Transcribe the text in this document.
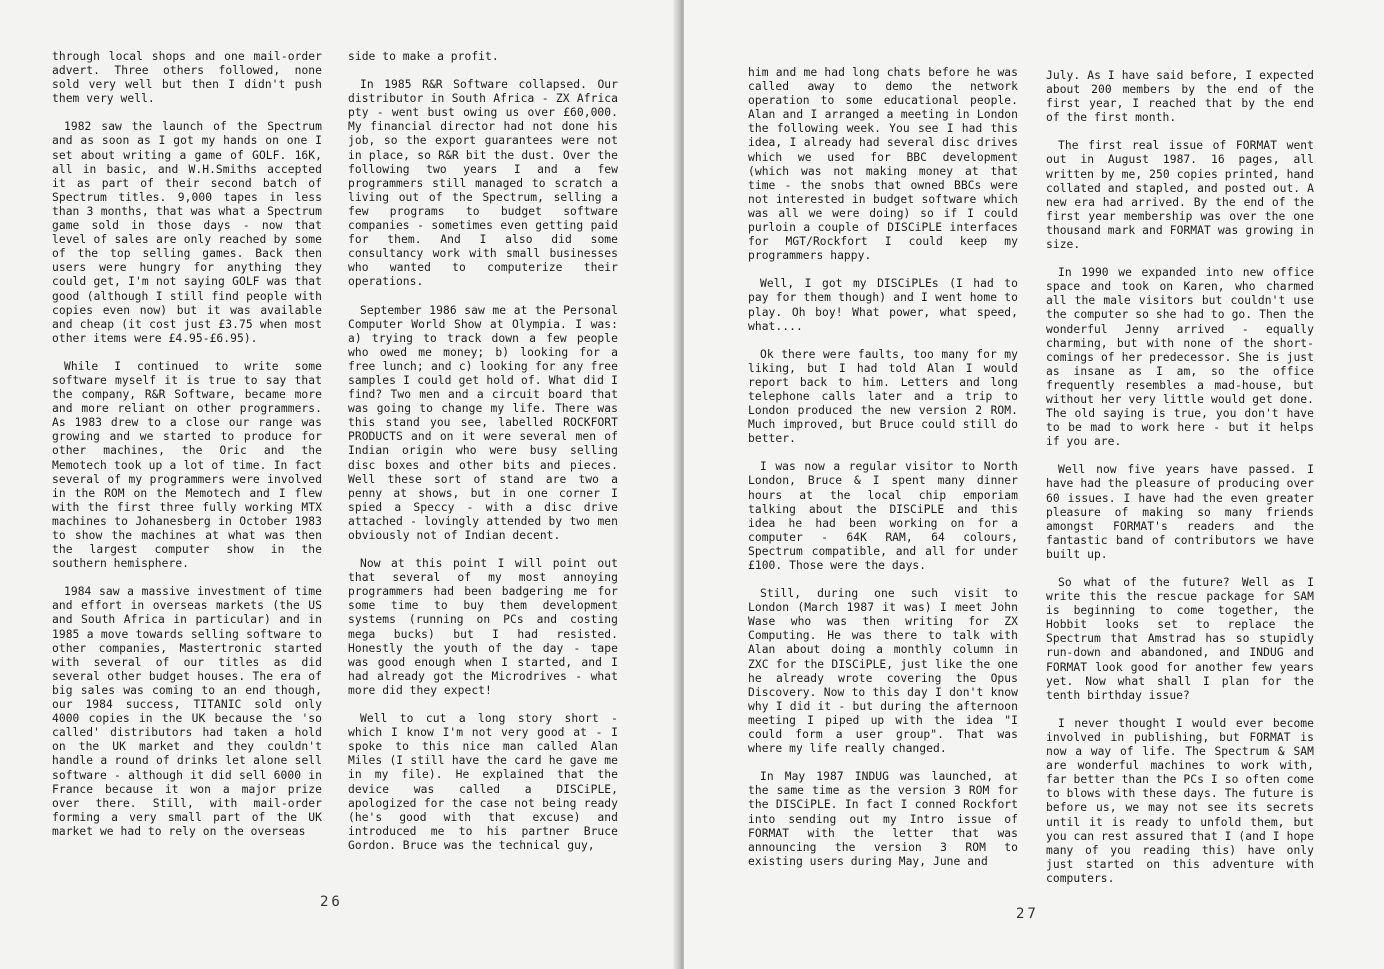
through local shops and one mail-order advert. Three others followed, none sold very well but then I didn't push them very well.

1982 saw the launch of the Spectrum and as soon as I got my hands on one I set about writing a game of GOLF. 16K, all in basic, and W.H.Smiths accepted it as part of their second batch of Spectrum titles. 9,000 tapes in less than 3 months, that was what a Spectrum game sold in those days - now that level of sales are only reached by some of the top selling games. Back then users were hungry for anything they could get, I'm not saying GOLF was that good (although I still find people with copies even now) but it was available and cheap (it cost just £3.75 when most other items were £4.95-£6.95).

While I continued to write some software myself it is true to say that the company, R&R Software, became more and more reliant on other programmers. As 1983 drew to a close our range was growing and we started to produce for other machines, the Oric and the Memotech took up a lot of time. In fact several of my programmers were involved in the ROM on the Memotech and I flew with the first three fully working MTX machines to Johanesberg in October 1983 to show the machines at what was then the largest computer show in the southern hemisphere.

1984 saw a massive investment of time and effort in overseas markets (the US and South Africa in particular) and in 1985 a move towards selling software to other companies, Mastertronic started with several of our titles as did several other budget houses. The era of big sales was coming to an end though, our 1984 success, TITANIC sold only 4000 copies in the UK because the 'so called' distributors had taken a hold on the UK market and they couldn't handle a round of drinks let alone sell software - although it did sell 6000 in France because it won a major prize over there. Still, with mail-order forming a very small part of the UK market we had to rely on the overseas

side to make a profit.

In 1985 R&R Software collapsed. Our distributor in South Africa - ZX Africa pty - went bust owing us over £60,000. My financial director had not done his job, so the export guarantees were not in place, so R&R bit the dust. Over the following two years I and a few programmers still managed to scratch a living out of the Spectrum, selling a few programs to budget software companies - sometimes even getting paid for them. And I also did some consultancy work with small businesses who wanted to computerize their operations.

September 1986 saw me at the Personal Computer World Show at Olympia. I was: a) trying to track down a few people who owed me money; b) looking for a free lunch; and c) looking for any free samples I could get hold of. What did I find? Two men and a circuit board that was going to change my life. There was this stand you see, labelled ROCKFORT PRODUCTS and on it were several men of Indian origin who were busy selling disc boxes and other bits and pieces. Well these sort of stand are two a penny at shows, but in one corner I spied a Speccy - with a disc drive attached - lovingly attended by two men obviously not of Indian decent.

Now at this point I will point out that several of my most annoying programmers had been badgering me for some time to buy them development systems (running on PCs and costing mega bucks) but I had resisted. Honestly the youth of the day - tape was good enough when I started, and I had already got the Microdrives - what more did they expect!

Well to cut a long story short - which I know I'm not very good at - I spoke to this nice man called Alan Miles (I still have the card he gave me in my file). He explained that the device was called a DISCiPLE, apologized for the case not being ready (he's good with that excuse) and introduced me to his partner Bruce Gordon. Bruce was the technical guy,

26

him and me had long chats before he was called away to demo the network operation to some educational people. Alan and I arranged a meeting in London the following week. You see I had this idea, I already had several disc drives which we used for BBC development (which was not making money at that time - the snobs that owned BBCs were not interested in budget software which was all we were doing) so if I could purloin a couple of DISCiPLE interfaces for MGT/Rockfort I could keep my programmers happy.

Well, I got my DISCiPLEs (I had to pay for them though) and I went home to play. Oh boy! What power, what speed, what....

Ok there were faults, too many for my liking, but I had told Alan I would report back to him. Letters and long telephone calls later and a trip to London produced the new version 2 ROM. Much improved, but Bruce could still do better.

I was now a regular visitor to North London, Bruce & I spent many dinner hours at the local chip emporiam talking about the DISCiPLE and this idea he had been working on for a computer - 64K RAM, 64 colours, Spectrum compatible, and all for under £100. Those were the days.

Still, during one such visit to London (March 1987 it was) I meet John Wase who was then writing for ZX Computing. He was there to talk with Alan about doing a monthly column in ZXC for the DISCiPLE, just like the one he already wrote covering the Opus Discovery. Now to this day I don't know why I did it - but during the afternoon meeting I piped up with the idea "I could form a user group". That was where my life really changed.

In May 1987 INDUG was launched, at the same time as the version 3 ROM for the DISCiPLE. In fact I conned Rockfort into sending out my Intro issue of FORMAT with the letter that was announcing the version 3 ROM to existing users during May, June and

July. As I have said before, I expected about 200 members by the end of the first year, I reached that by the end of the first month.

The first real issue of FORMAT went out in August 1987. 16 pages, all written by me, 250 copies printed, hand collated and stapled, and posted out. A new era had arrived. By the end of the first year membership was over the one thousand mark and FORMAT was growing in size.

In 1990 we expanded into new office space and took on Karen, who charmed all the male visitors but couldn't use the computer so she had to go. Then the wonderful Jenny arrived - equally charming, but with none of the short-comings of her predecessor. She is just as insane as I am, so the office frequently resembles a mad-house, but without her very little would get done. The old saying is true, you don't have to be mad to work here - but it helps if you are.

Well now five years have passed. I have had the pleasure of producing over 60 issues. I have had the even greater pleasure of making so many friends amongst FORMAT's readers and the fantastic band of contributors we have built up.

So what of the future? Well as I write this the rescue package for SAM is beginning to come together, the Hobbit looks set to replace the Spectrum that Amstrad has so stupidly run-down and abandoned, and INDUG and FORMAT look good for another few years yet. Now what shall I plan for the tenth birthday issue?

I never thought I would ever become involved in publishing, but FORMAT is now a way of life. The Spectrum & SAM are wonderful machines to work with, far better than the PCs I so often come to blows with these days. The future is before us, we may not see its secrets until it is ready to unfold them, but you can rest assured that I (and I hope many of you reading this) have only just started on this adventure with computers.

27
